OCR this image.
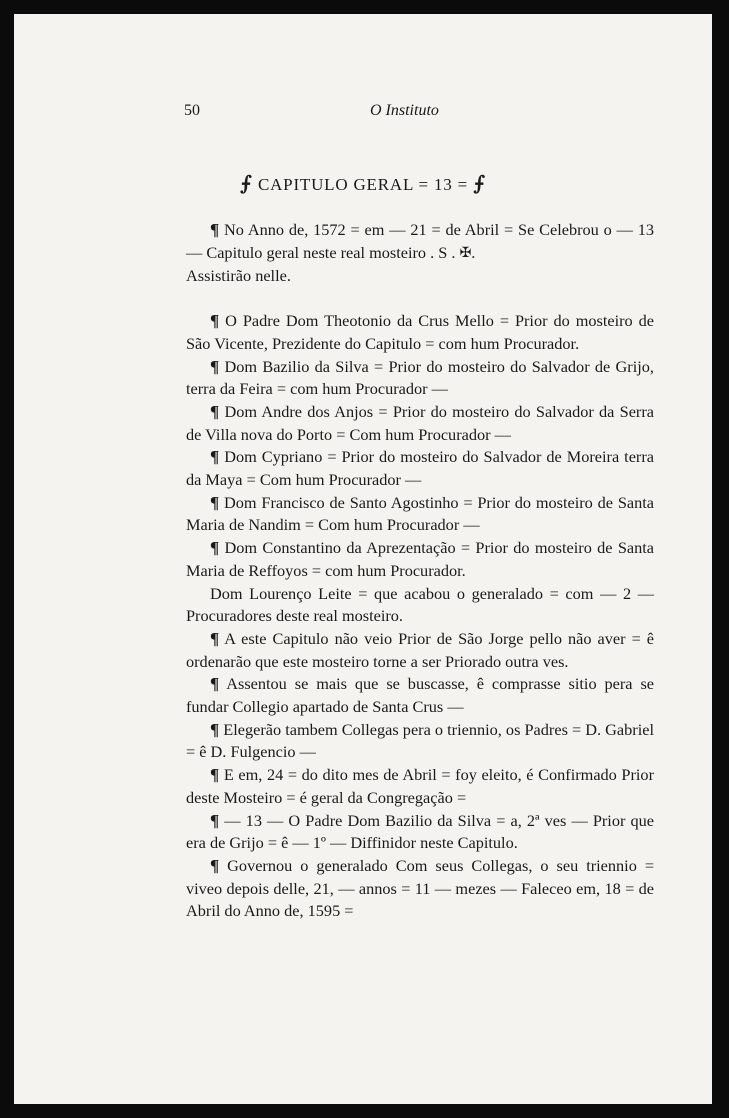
50	O Instituto
⨍ CAPITULO GERAL = 13 = ⨍

¶ No Anno de, 1572 = em — 21 = de Abril = Se Celebrou o — 13 — Capitulo geral neste real mosteiro . S . ✠.

Assistirão nelle.

¶ O Padre Dom Theotonio da Crus Mello = Prior do mosteiro de São Vicente, Prezidente do Capitulo = com hum Procurador.

¶ Dom Bazilio da Silva = Prior do mosteiro do Salvador de Grijo, terra da Feira = com hum Procurador —

¶ Dom Andre dos Anjos = Prior do mosteiro do Salvador da Serra de Villa nova do Porto = Com hum Procurador —

¶ Dom Cypriano = Prior do mosteiro do Salvador de Moreira terra da Maya = Com hum Procurador —

¶ Dom Francisco de Santo Agostinho = Prior do mosteiro de Santa Maria de Nandim = Com hum Procurador —

¶ Dom Constantino da Aprezentação = Prior do mosteiro de Santa Maria de Reffoyos = com hum Procurador.

Dom Lourenço Leite = que acabou o generalado = com — 2 — Procuradores deste real mosteiro.

¶ A este Capitulo não veio Prior de São Jorge pello não aver = ê ordenarão que este mosteiro torne a ser Priorado outra ves.

¶ Assentou se mais que se buscasse, ê comprasse sitio pera se fundar Collegio apartado de Santa Crus —

¶ Elegerão tambem Collegas pera o triennio, os Padres = D. Gabriel = ê D. Fulgencio —

¶ E em, 24 = do dito mes de Abril = foy eleito, é Confirmado Prior deste Mosteiro = é geral da Congregação =

¶ — 13 — O Padre Dom Bazilio da Silva = a, 2ª ves — Prior que era de Grijo = ê — 1º — Diffinidor neste Capitulo.

¶ Governou o generalado Com seus Collegas, o seu triennio = viveo depois delle, 21, — annos = 11 — mezes — Faleceo em, 18 = de Abril do Anno de, 1595 =
